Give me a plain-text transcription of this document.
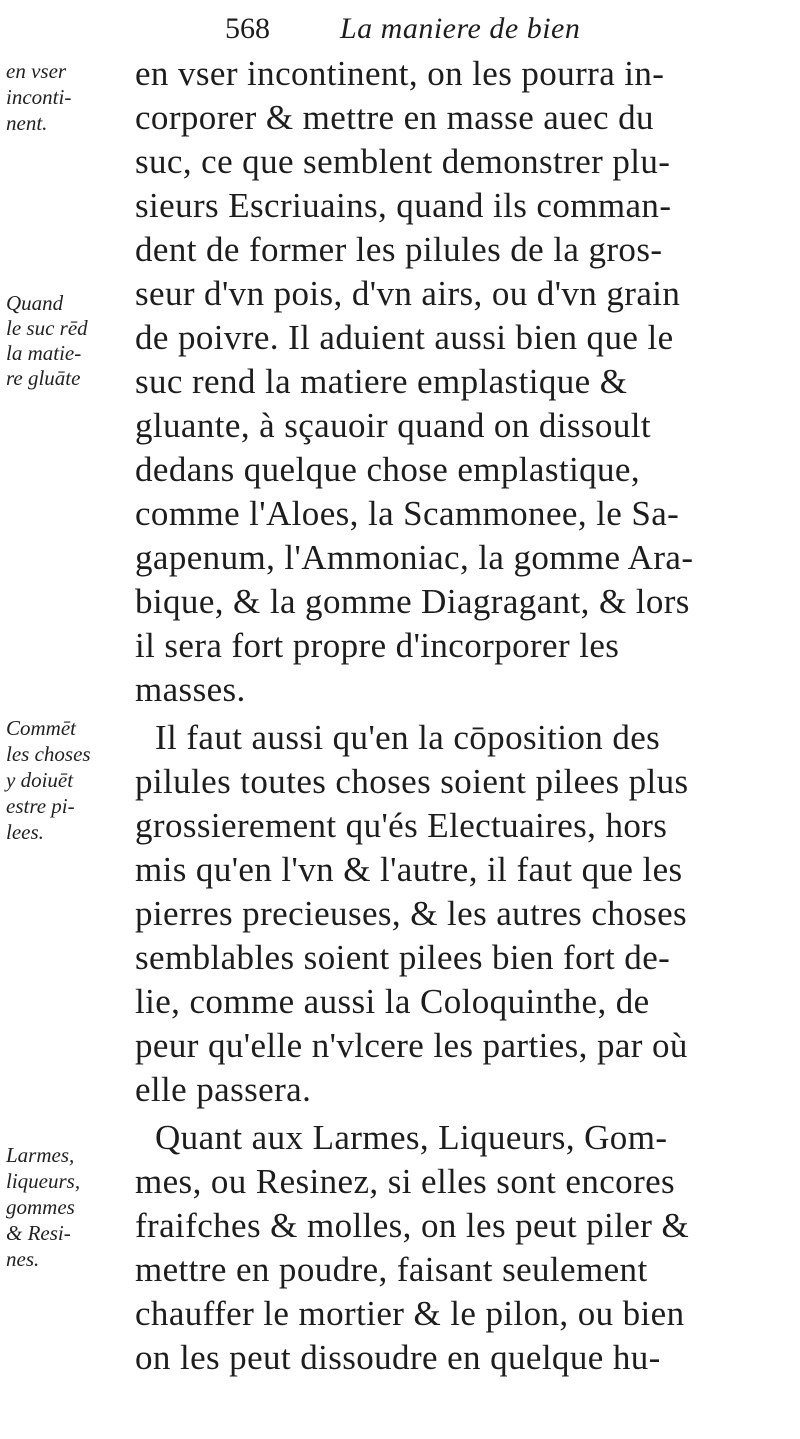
568 La maniere de bien
en vser
inconti-
nent.
Quand
le suc rēd
la matie-
re gluāte
Commēt
les choses
y doiuēt
estre pi-
lees.
Larmes,
liqueurs,
gommes
& Resi-
nes.
en vser incontinent, on les pourra in-
corporer & mettre en masse auec du
suc, ce que semblent demonstrer plu-
sieurs Escriuains, quand ils comman-
dent de former les pilules de la gros-
seur d'vn pois, d'vn airs, ou d'vn grain
de poivre. Il aduient aussi bien que le
suc rend la matiere emplastique &
gluante, à sçauoir quand on dissoult
dedans quelque chose emplastique,
comme l'Aloes, la Scammonee, le Sa-
gapenum, l'Ammoniac, la gomme Ara-
bique, & la gomme Diagragant, & lors
il sera fort propre d'incorporer les
masses.
Il faut aussi qu'en la cōposition des
pilules toutes choses soient pilees plus
grossierement qu'és Electuaires, hors
mis qu'en l'vn & l'autre, il faut que les
pierres precieuses, & les autres choses
semblables soient pilees bien fort de-
lie, comme aussi la Coloquinthe, de
peur qu'elle n'vlcere les parties, par où
elle passera.
Quant aux Larmes, Liqueurs, Gom-
mes, ou Resinez, si elles sont encores
fraifches & molles, on les peut piler &
mettre en poudre, faisant seulement
chauffer le mortier & le pilon, ou bien
on les peut dissoudre en quelque hu-
